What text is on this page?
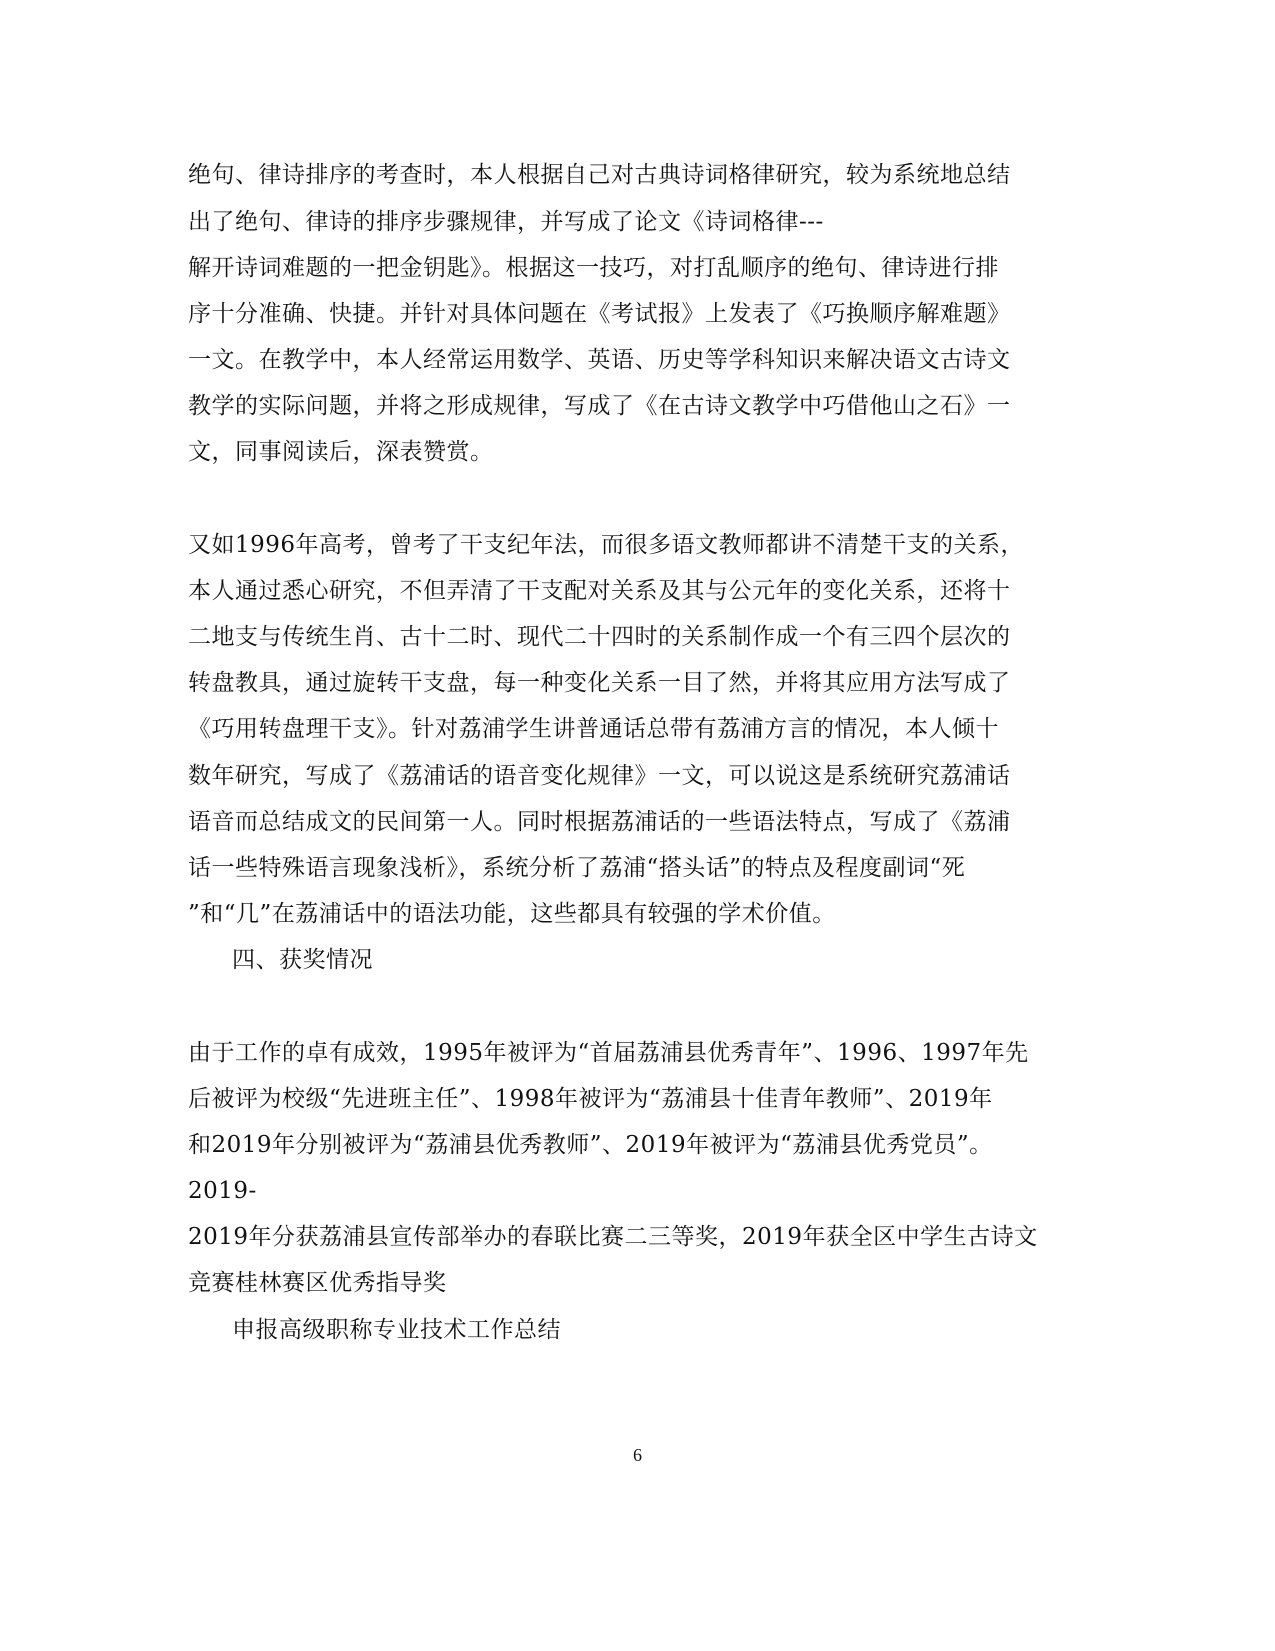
绝句、律诗排序的考查时，本人根据自己对古典诗词格律研究，较为系统地总结
出了绝句、律诗的排序步骤规律，并写成了论文《诗词格律---
解开诗词难题的一把金钥匙》。根据这一技巧，对打乱顺序的绝句、律诗进行排
序十分准确、快捷。并针对具体问题在《考试报》上发表了《巧换顺序解难题》
一文。在教学中，本人经常运用数学、英语、历史等学科知识来解决语文古诗文
教学的实际问题，并将之形成规律，写成了《在古诗文教学中巧借他山之石》一
文，同事阅读后，深表赞赏。
又如1996年高考，曾考了干支纪年法，而很多语文教师都讲不清楚干支的关系，
本人通过悉心研究，不但弄清了干支配对关系及其与公元年的变化关系，还将十
二地支与传统生肖、古十二时、现代二十四时的关系制作成一个有三四个层次的
转盘教具，通过旋转干支盘，每一种变化关系一目了然，并将其应用方法写成了
《巧用转盘理干支》。针对荔浦学生讲普通话总带有荔浦方言的情况，本人倾十
数年研究，写成了《荔浦话的语音变化规律》一文，可以说这是系统研究荔浦话
语音而总结成文的民间第一人。同时根据荔浦话的一些语法特点，写成了《荔浦
话一些特殊语言现象浅析》，系统分析了荔浦“搭头话”的特点及程度副词“死
”和“几”在荔浦话中的语法功能，这些都具有较强的学术价值。
四、获奖情况
由于工作的卓有成效，1995年被评为“首届荔浦县优秀青年”、1996、1997年先
后被评为校级“先进班主任”、1998年被评为“荔浦县十佳青年教师”、2019年
和2019年分别被评为“荔浦县优秀教师”、2019年被评为“荔浦县优秀党员”。
2019-
2019年分获荔浦县宣传部举办的春联比赛二三等奖，2019年获全区中学生古诗文
竞赛桂林赛区优秀指导奖
申报高级职称专业技术工作总结
6
